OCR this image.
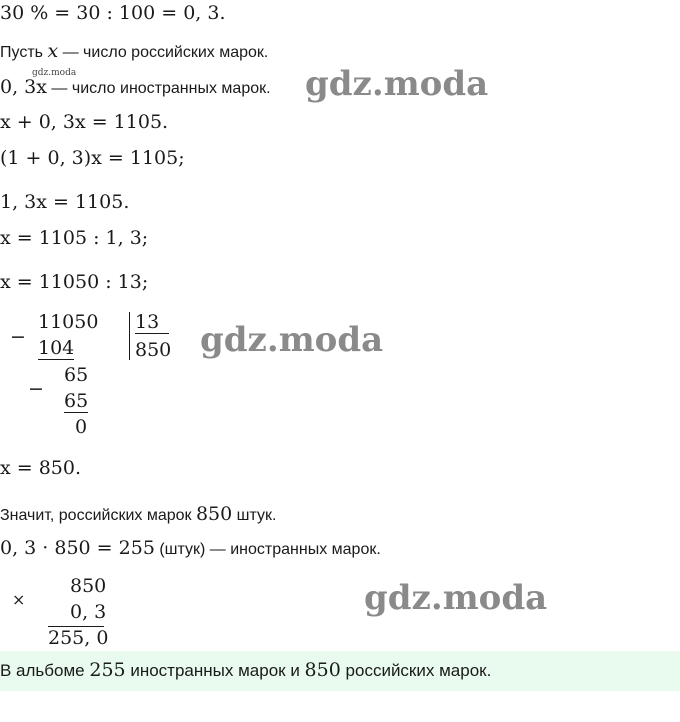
30 % = 30 : 100 = 0, 3.
Пусть x — число российских марок.
gdz.moda
0, 3x — число иностранных марок. gdz.moda
x + 0, 3x = 1105.
(1 + 0, 3)x = 1105;
1, 3x = 1105.
x = 1105 : 1, 3;
x = 11050 : 13;
−
11050
104
−
65
65
0
13
850 gdz.moda
x = 850.
Значит, российских марок 850 штук.
0, 3 · 850 = 255 (штук) — иностранных марок.
×
850
0, 3
255, 0
gdz.moda
В альбоме 255 иностранных марок и 850 российских марок.
